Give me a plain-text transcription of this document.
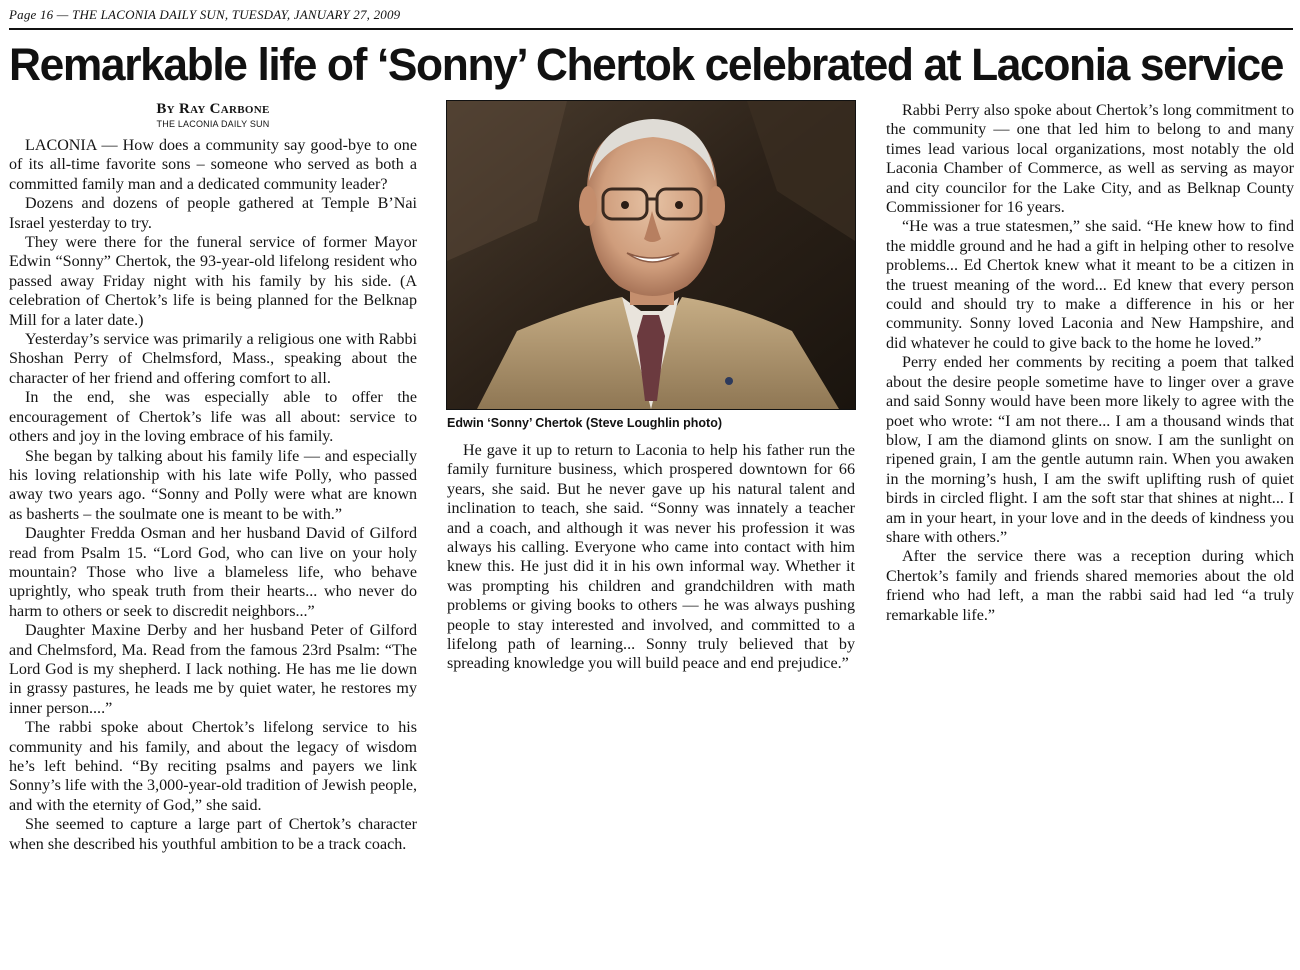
Page 16 — THE LACONIA DAILY SUN, TUESDAY, JANUARY 27, 2009
Remarkable life of ‘Sonny’ Chertok celebrated at Laconia service
By Ray Carbone
THE LACONIA DAILY SUN

LACONIA — How does a community say good-bye to one of its all-time favorite sons – someone who served as both a committed family man and a dedicated community leader?

Dozens and dozens of people gathered at Temple B’Nai Israel yesterday to try.

They were there for the funeral service of former Mayor Edwin “Sonny” Chertok, the 93-year-old lifelong resident who passed away Friday night with his family by his side. (A celebration of Chertok’s life is being planned for the Belknap Mill for a later date.)

Yesterday’s service was primarily a religious one with Rabbi Shoshan Perry of Chelmsford, Mass., speaking about the character of her friend and offering comfort to all.

In the end, she was especially able to offer the encouragement of Chertok’s life was all about: service to others and joy in the loving embrace of his family.

She began by talking about his family life — and especially his loving relationship with his late wife Polly, who passed away two years ago. “Sonny and Polly were what are known as basherts – the soulmate one is meant to be with.”

Daughter Fredda Osman and her husband David of Gilford read from Psalm 15. “Lord God, who can live on your holy mountain? Those who live a blameless life, who behave uprightly, who speak truth from their hearts... who never do harm to others or seek to discredit neighbors...”

Daughter Maxine Derby and her husband Peter of Gilford and Chelmsford, Ma. Read from the famous 23rd Psalm: “The Lord God is my shepherd. I lack nothing. He has me lie down in grassy pastures, he leads me by quiet water, he restores my inner person....”

The rabbi spoke about Chertok’s lifelong service to his community and his family, and about the legacy of wisdom he’s left behind. “By reciting psalms and payers we link Sonny’s life with the 3,000-year-old tradition of Jewish people, and with the eternity of God,” she said.

She seemed to capture a large part of Chertok’s character when she described his youthful ambition to be a track coach.

Edwin ‘Sonny’ Chertok (Steve Loughlin photo)

He gave it up to return to Laconia to help his father run the family furniture business, which prospered downtown for 66 years, she said. But he never gave up his natural talent and inclination to teach, she said. “Sonny was innately a teacher and a coach, and although it was never his profession it was always his calling. Everyone who came into contact with him knew this. He just did it in his own informal way. Whether it was prompting his children and grandchildren with math problems or giving books to others — he was always pushing people to stay interested and involved, and committed to a lifelong path of learning... Sonny truly believed that by spreading knowledge you will build peace and end prejudice.”

Rabbi Perry also spoke about Chertok’s long commitment to the community — one that led him to belong to and many times lead various local organizations, most notably the old Laconia Chamber of Commerce, as well as serving as mayor and city councilor for the Lake City, and as Belknap County Commissioner for 16 years.

“He was a true statesmen,” she said. “He knew how to find the middle ground and he had a gift in helping other to resolve problems... Ed Chertok knew what it meant to be a citizen in the truest meaning of the word... Ed knew that every person could and should try to make a difference in his or her community. Sonny loved Laconia and New Hampshire, and did whatever he could to give back to the home he loved.”

Perry ended her comments by reciting a poem that talked about the desire people sometime have to linger over a grave and said Sonny would have been more likely to agree with the poet who wrote: “I am not there... I am a thousand winds that blow, I am the diamond glints on snow. I am the sunlight on ripened grain, I am the gentle autumn rain. When you awaken in the morning’s hush, I am the swift uplifting rush of quiet birds in circled flight. I am the soft star that shines at night... I am in your heart, in your love and in the deeds of kindness you share with others.”

After the service there was a reception during which Chertok’s family and friends shared memories about the old friend who had left, a man the rabbi said had led “a truly remarkable life.”
